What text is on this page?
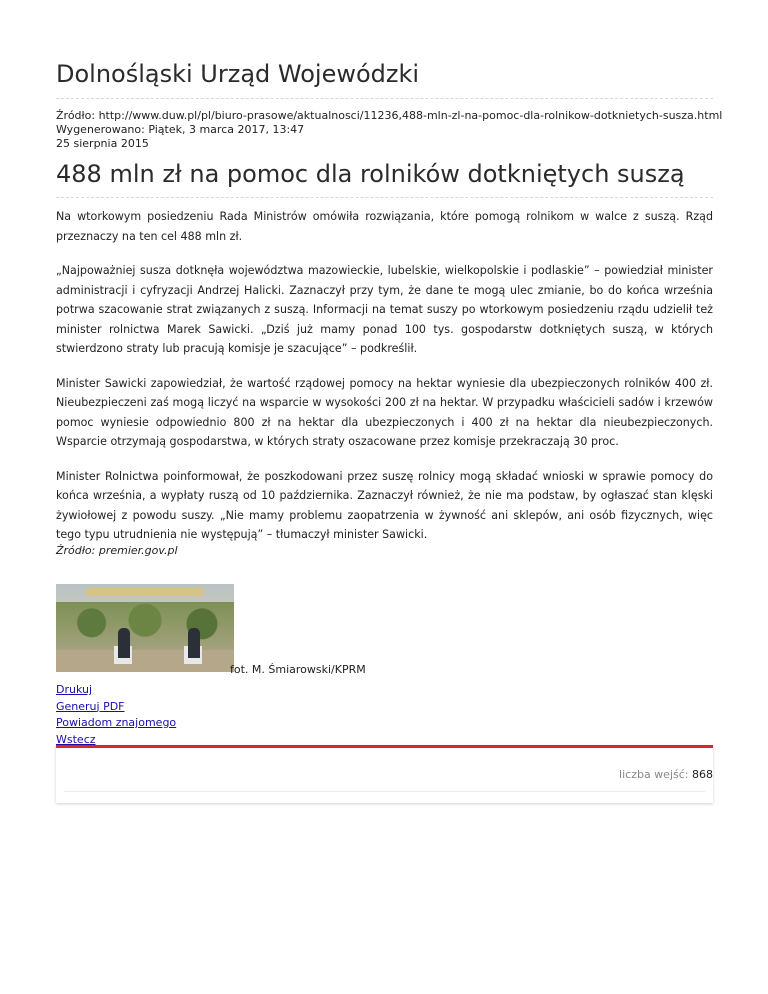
Dolnośląski Urząd Wojewódzki
Źródło: http://www.duw.pl/pl/biuro-prasowe/aktualnosci/11236,488-mln-zl-na-pomoc-dla-rolnikow-dotknietych-susza.html
Wygenerowano: Piątek, 3 marca 2017, 13:47
25 sierpnia 2015
488 mln zł na pomoc dla rolników dotkniętych suszą

Na wtorkowym posiedzeniu Rada Ministrów omówiła rozwiązania, które pomogą rolnikom w walce z suszą. Rząd przeznaczy na ten cel 488 mln zł.

„Najpoważniej susza dotknęła województwa mazowieckie, lubelskie, wielkopolskie i podlaskie” – powiedział minister administracji i cyfryzacji Andrzej Halicki. Zaznaczył przy tym, że dane te mogą ulec zmianie, bo do końca września potrwa szacowanie strat związanych z suszą. Informacji na temat suszy po wtorkowym posiedzeniu rządu udzielił też minister rolnictwa Marek Sawicki. „Dziś już mamy ponad 100 tys. gospodarstw dotkniętych suszą, w których stwierdzono straty lub pracują komisje je szacujące” – podkreślił.

Minister Sawicki zapowiedział, że wartość rządowej pomocy na hektar wyniesie dla ubezpieczonych rolników 400 zł. Nieubezpieczeni zaś mogą liczyć na wsparcie w wysokości 200 zł na hektar. W przypadku właścicieli sadów i krzewów pomoc wyniesie odpowiednio 800 zł na hektar dla ubezpieczonych i 400 zł na hektar dla nieubezpieczonych. Wsparcie otrzymają gospodarstwa, w których straty oszacowane przez komisje przekraczają 30 proc.

Minister Rolnictwa poinformował, że poszkodowani przez suszę rolnicy mogą składać wnioski w sprawie pomocy do końca września, a wypłaty ruszą od 10 października. Zaznaczył również, że nie ma podstaw, by ogłaszać stan klęski żywiołowej z powodu suszy. „Nie mamy problemu zaopatrzenia w żywność ani sklepów, ani osób fizycznych, więc tego typu utrudnienia nie występują” – tłumaczył minister Sawicki.

Źródło: premier.gov.pl
fot. M. Śmiarowski/KPRM
Drukuj
Generuj PDF
Powiadom znajomego
Wstecz
liczba wejść: 868
